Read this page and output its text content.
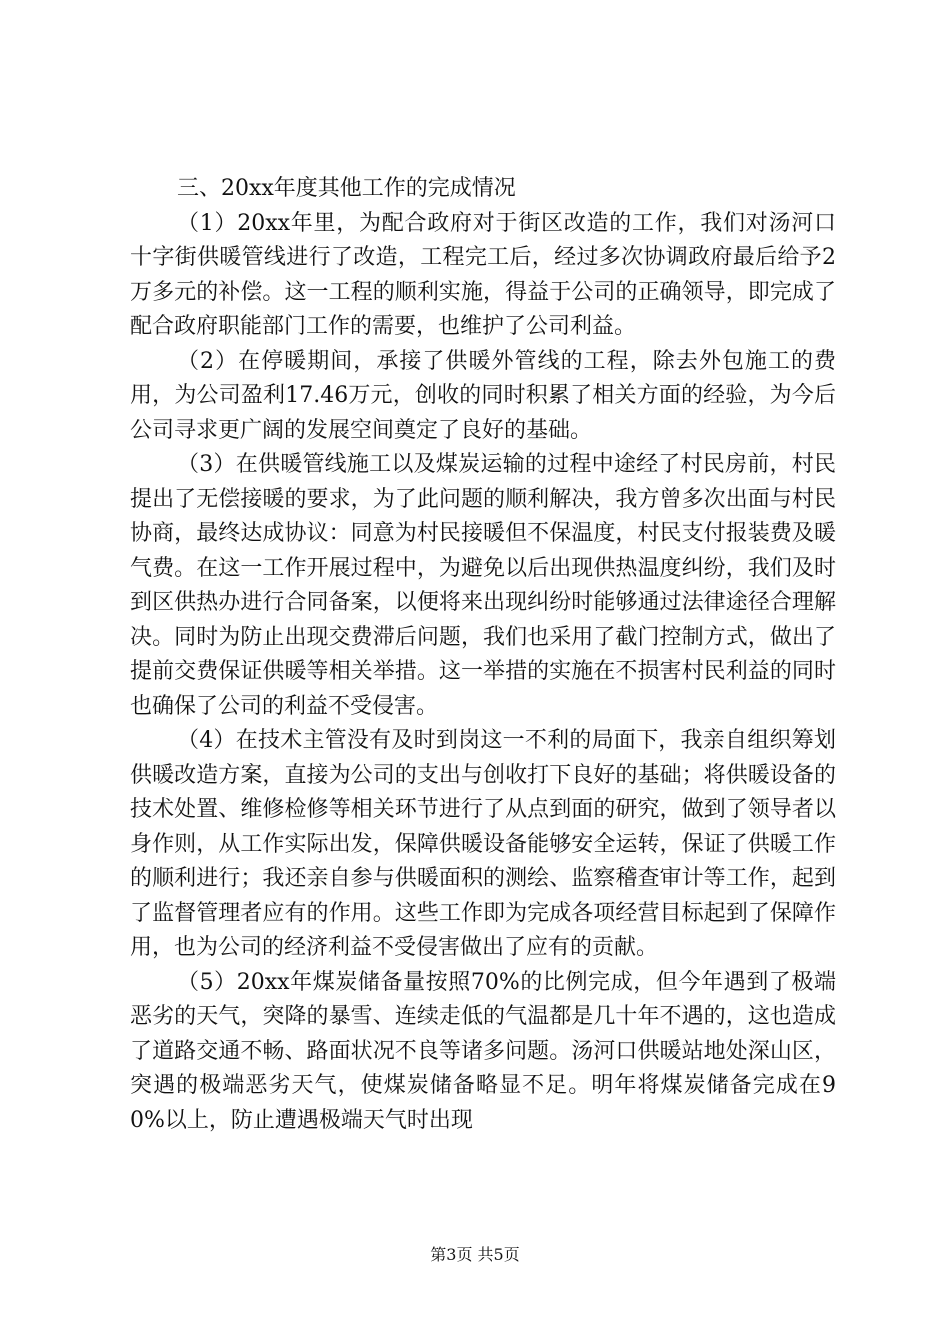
三、20xx年度其他工作的完成情况

（1）20xx年里，为配合政府对于街区改造的工作，我们对汤河口十字街供暖管线进行了改造，工程完工后，经过多次协调政府最后给予2万多元的补偿。这一工程的顺利实施，得益于公司的正确领导，即完成了配合政府职能部门工作的需要，也维护了公司利益。

（2）在停暖期间，承接了供暖外管线的工程，除去外包施工的费用，为公司盈利17.46万元，创收的同时积累了相关方面的经验，为今后公司寻求更广阔的发展空间奠定了良好的基础。

（3）在供暖管线施工以及煤炭运输的过程中途经了村民房前，村民提出了无偿接暖的要求，为了此问题的顺利解决，我方曾多次出面与村民协商，最终达成协议：同意为村民接暖但不保温度，村民支付报装费及暖气费。在这一工作开展过程中，为避免以后出现供热温度纠纷，我们及时到区供热办进行合同备案，以便将来出现纠纷时能够通过法律途径合理解决。同时为防止出现交费滞后问题，我们也采用了截门控制方式，做出了提前交费保证供暖等相关举措。这一举措的实施在不损害村民利益的同时也确保了公司的利益不受侵害。

（4）在技术主管没有及时到岗这一不利的局面下，我亲自组织筹划供暖改造方案，直接为公司的支出与创收打下良好的基础；将供暖设备的技术处置、维修检修等相关环节进行了从点到面的研究，做到了领导者以身作则，从工作实际出发，保障供暖设备能够安全运转，保证了供暖工作的顺利进行；我还亲自参与供暖面积的测绘、监察稽查审计等工作，起到了监督管理者应有的作用。这些工作即为完成各项经营目标起到了保障作用，也为公司的经济利益不受侵害做出了应有的贡献。

（5）20xx年煤炭储备量按照70%的比例完成，但今年遇到了极端恶劣的天气，突降的暴雪、连续走低的气温都是几十年不遇的，这也造成了道路交通不畅、路面状况不良等诸多问题。汤河口供暖站地处深山区，突遇的极端恶劣天气，使煤炭储备略显不足。明年将煤炭储备完成在90%以上，防止遭遇极端天气时出现

第3页 共5页
